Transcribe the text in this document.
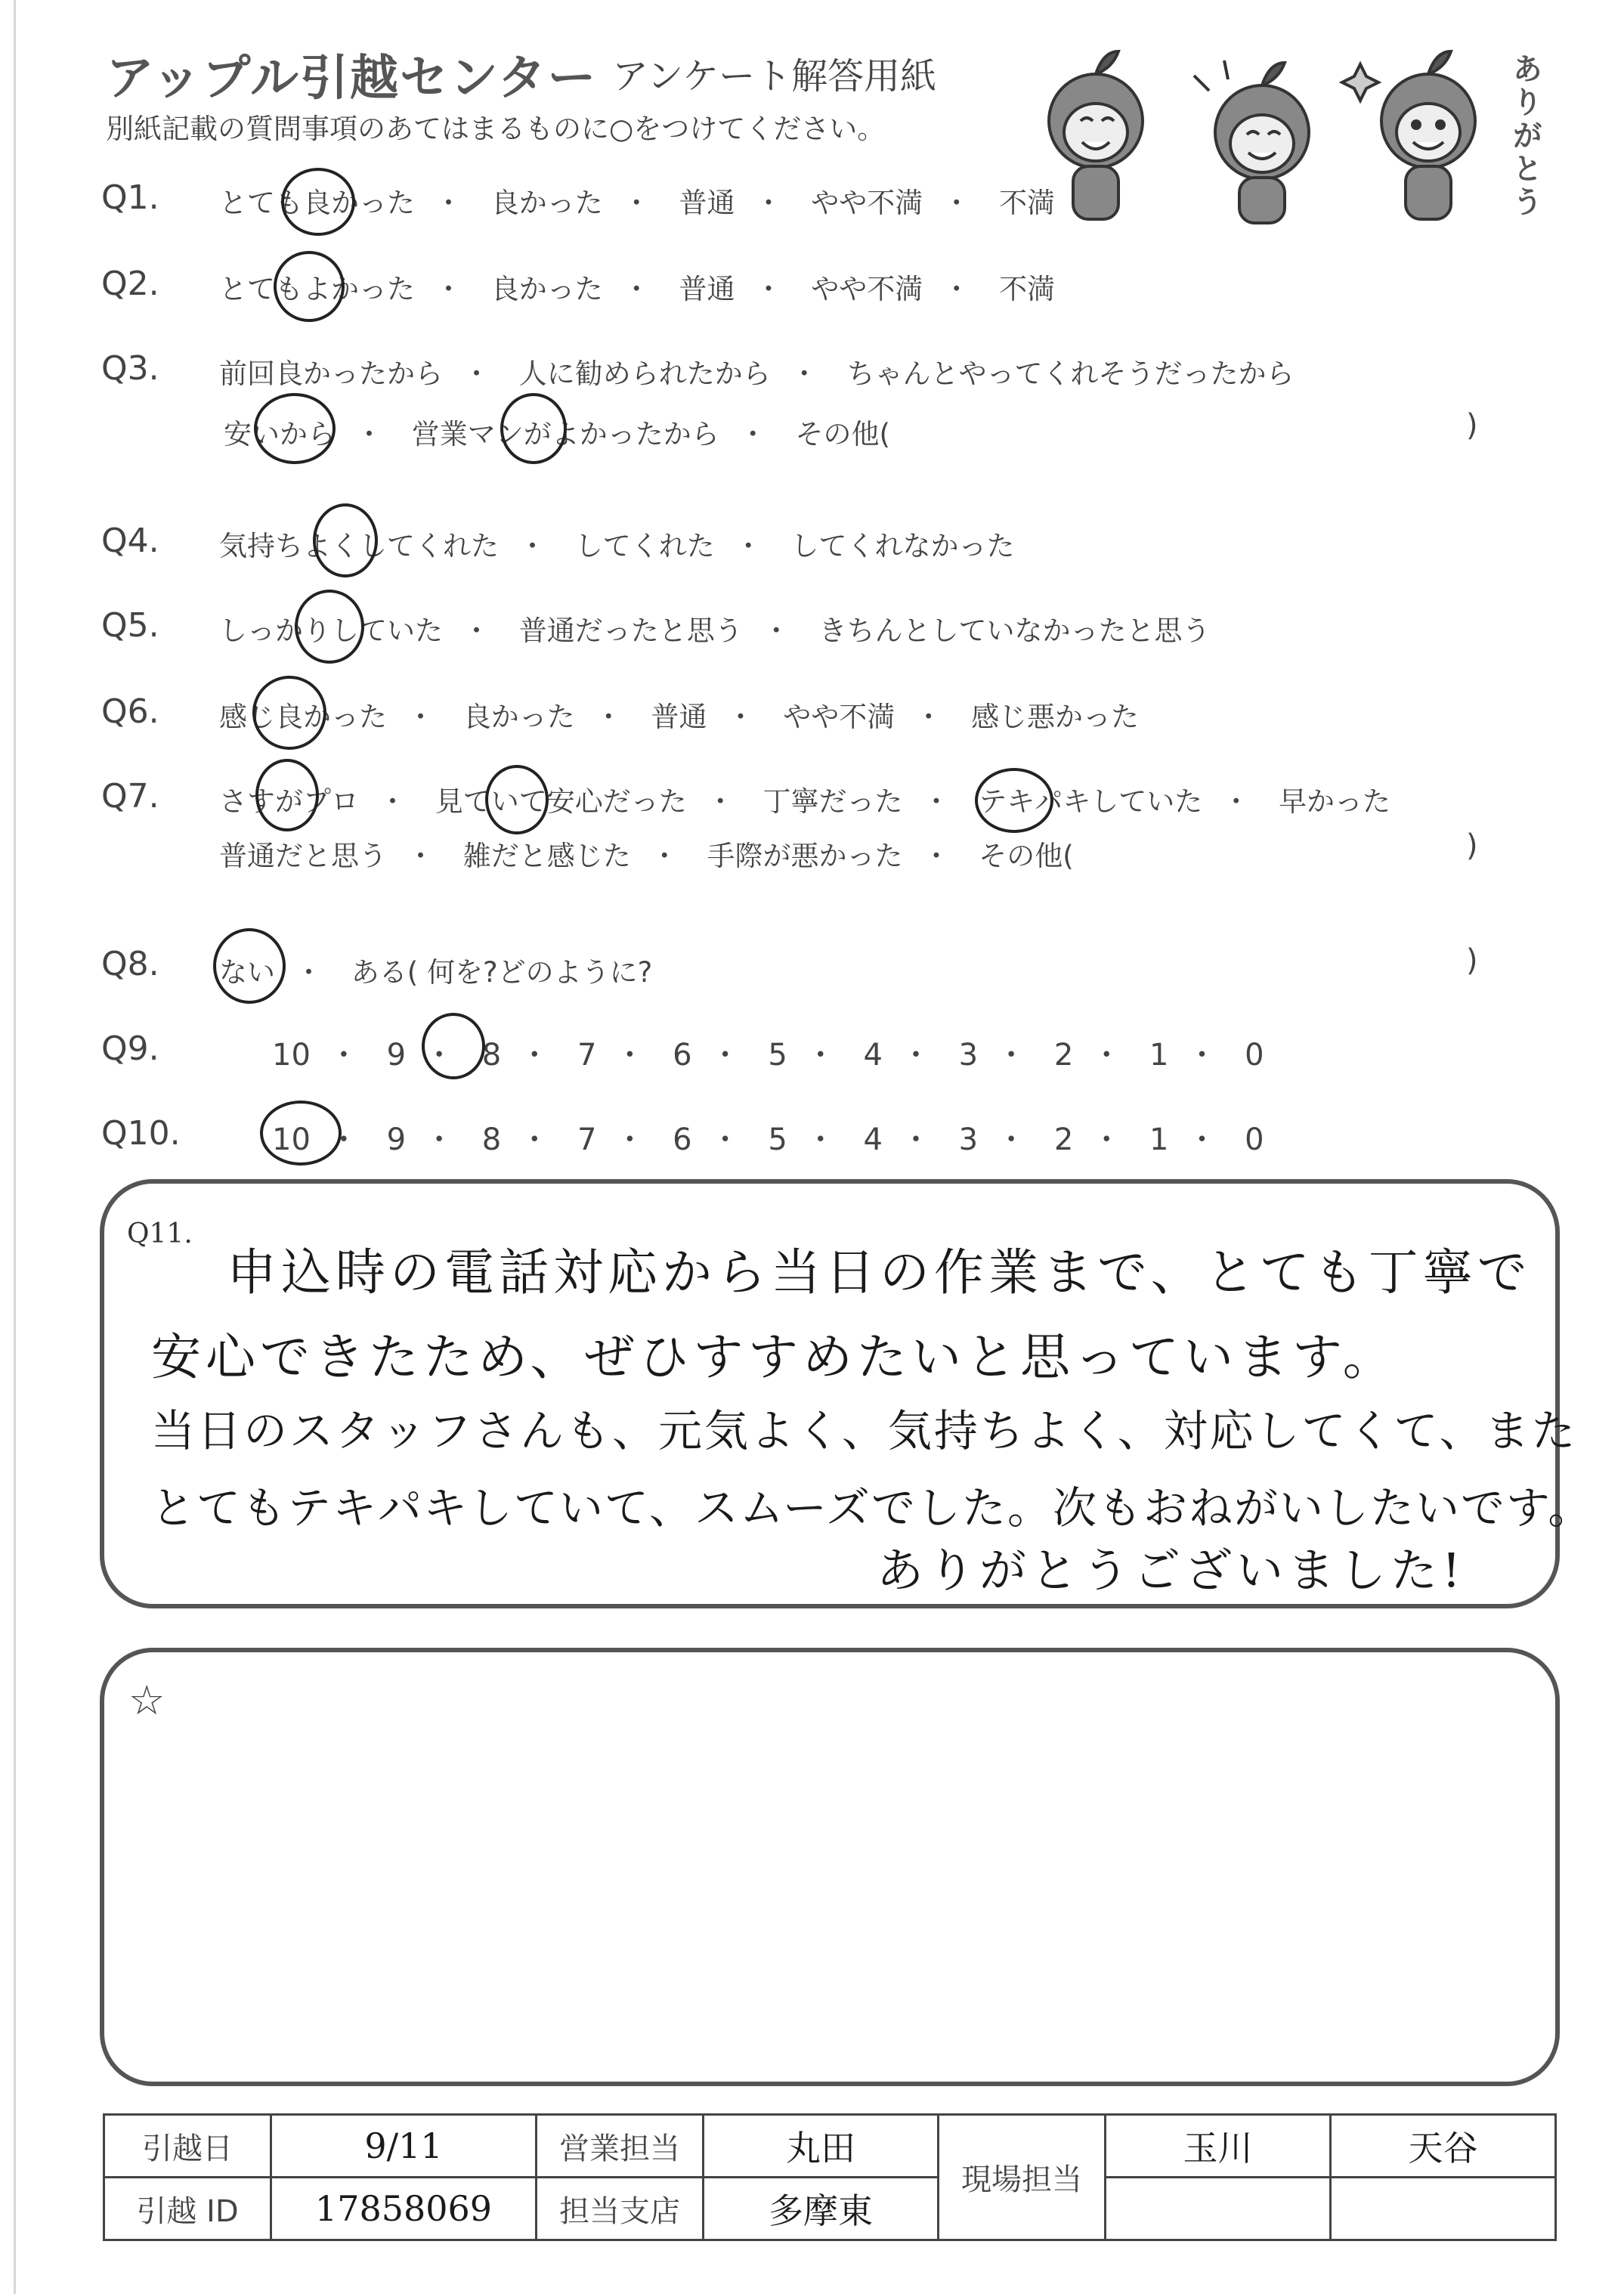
アップル引越センター アンケート解答用紙
別紙記載の質問事項のあてはまるものに○をつけてください。	ありがとう
Q1. とても良かった ・ 良かった ・ 普通 ・ やや不満 ・ 不満
Q2. とてもよかった ・ 良かった ・ 普通 ・ やや不満 ・ 不満
Q3. 前回良かったから ・ 人に勧められたから ・ ちゃんとやってくれそうだったから
安いから ・ 営業マンがよかったから ・ その他(	)
Q4. 気持ちよくしてくれた ・ してくれた ・ してくれなかった
Q5. しっかりしていた ・ 普通だったと思う ・ きちんとしていなかったと思う
Q6. 感じ良かった ・ 良かった ・ 普通 ・ やや不満 ・ 感じ悪かった
Q7. さすがプロ ・ 見ていて安心だった ・ 丁寧だった ・ テキパキしていた ・ 早かった
普通だと思う ・ 雑だと感じた ・ 手際が悪かった ・ その他(	)
Q8. ない ・ ある( 何を?どのように?	)
Q9.	10 ・ 9 ・ 8 ・ 7 ・ 6 ・ 5 ・ 4 ・ 3 ・ 2 ・ 1 ・ 0
Q10.	10 ・ 9 ・ 8 ・ 7 ・ 6 ・ 5 ・ 4 ・ 3 ・ 2 ・ 1 ・ 0
Q11.
申込時の電話対応から当日の作業まで、とても丁寧で
安心できたため、ぜひすすめたいと思っています。
当日のスタッフさんも、元気よく、気持ちよく、対応してくて、また
とてもテキパキしていて、スムーズでした。次もおねがいしたいです。
ありがとうございました!
☆
引越日	9/11	営業担当	丸田	現場担当	玉川	天谷
引越 ID	17858069	担当支店	多摩東			
